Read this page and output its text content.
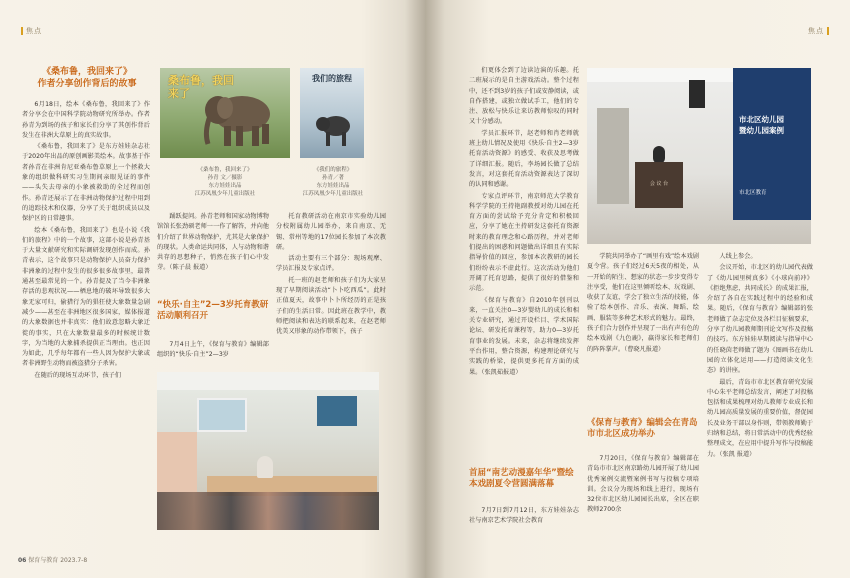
焦点
《桑布鲁，我回来了》
作者分享创作背后的故事

6月18日，绘本《桑布鲁，我回来了》作者分享会在中国科学院动物研究所举办。作者孙青为到场的孩子和家长们分享了其创作背后发生在非洲大草原上的真实故事。

《桑布鲁，我回来了》是东方娃娃杂志社于2020年出品的原创画影美绘本。故事基于作者孙青在非洲肯尼亚桑布鲁草原上一个拯救大象的组织做科研实习生期间亲眼见证的事件——头失去母亲的小象被救助的全过程而创作。孙青还展示了在非洲动物保护过程中用到的追踪技术和仪器，分享了关于组织成员以及保护区的日常趣事。

绘本《桑布鲁，我回来了》也是小说《我们的旅程》中的一个故事，这部小说是孙青基于大量文献研究和实际调研发现创作而成。孙青表示，这个故事只是动物保护人员奋力保护非洲象的过程中发生的很多很多故事里，最普通甚至最常见的一个。孙青提及了当今非洲象存活的悲观状况——栖息地的破坏导致很多大象无家可归，偷猎行为的猖狂使大象数量急剧减少——甚至在非洲地区很多国家，媒体报道的大象数据也并非真实：他们故意忽略大象迁徙的事实，只在大象数量最多的时候统计数字，为当地的大象捕杀提供正当理由。也正因为如此，几乎每年都有一些人因为保护大象或者非洲野生动物而被盗猎分子杀害。

在随后的现场互动环节，孩子们

桑布鲁，我回来了
我们的旅程
《桑布鲁，我回来了》
孙青 文／摄影
东方娃娃出品
江苏凤凰少年儿童出版社
《我们的旅程》
孙青／著
东方娃娃出品
江苏凤凰少年儿童出版社

踊跃提问。孙青老师和国家动物博物馆馆长张劲硕老师一一作了解答，并向他们介绍了世界动物保护，尤其是大象保护的现状。人类命运共同体，人与动物和谐共存的思想种子，悄然在孩子们心中发芽。（陈子晨 报道）

“快乐·自主”2—3岁托育教研活动顺利召开

7月4日上午，《保育与教育》编辑部组织的“快乐·自主”2—3岁

托育教研活动在南京市实验幼儿园分校附属幼儿园举办，来自南京、无锡、常州等地的17位园长参加了本次教研。

活动主要有三个部分：现场观摩、学员汇报及专家点评。

托一班的赵老师和孩子们为大家呈现了早期阅读活动“卜卜吃西瓜”。此时正值夏天，故事中卜卜所经历的正是孩子们的生活日常。因此班在教学中，教师把阅读和表达的联系起来，在赵老师优美又形象的动作带领下，孩子

06 保育与教育 2023.7-8
焦点

们更体会到了边读边演的乐趣。托二班展示的是自主游戏活动。整个过程中，还不到3岁的孩子们或安静阅读，或自作搭建，或独立做试手工，他们的专注、放松与快乐让来访教师惊叹的同时又十分感动。

学员汇报环节，赵老师和肖老师就班上幼儿情况及使用《快乐·自主2—3岁托育活动资源》的感受、收获及思考做了详细汇报。随后，李场园长做了总结发言，对这套托育活动资源表达了深切的认同和感谢。

专家点评环节，南京师范大学教育科学学院的王持艳副教授对幼儿园在托育方面的尝试给予充分肯定和积极回应，分享了她在主持研发这套托育资源时来的教育理念和心路历程，并对老师们提出的困惑和问题做出详细且有实际指导价值的回应，参加本次教研的园长们纷纷表示不虚此行。这次活动为他们开阔了托育思路，提供了很好的借鉴和示范。

《保育与教育》自2010年创刊以来，一直关注0—3岁婴幼儿的成长和相关专业研究，通过开设栏目、学术国际论坛、研发托育课程等，助力0—3岁托育事业的发展。未来，杂志将继续发挥平台作用，整合资源，构建理论研究与实践的桥梁，提供更多托育方面的成果。（张凯茹报道）

首届“南艺动漫嘉年华”暨绘本戏剧夏令营圆满落幕

7月7日到7月12日，东方娃娃杂志社与南京艺术学院社会教育

市北区幼儿园
暨幼儿园案例
市北区教育
会 议 台

学院共同举办了“画里有戏”绘本戏剧夏令营。孩子们经过6天5夜的相处，从一开始的陌生、想家的状态一步步变得专注享受，他们在这里倾听绘本、玩戏剧、收获了友谊，学会了独立生活的技能，体验了绘本创作、音乐、表演、舞蹈、绘画、服装等多种艺术形式的魅力。最终，孩子们合力创作并呈现了一出有声有色的绘本戏剧《九色鹿》，赢得家长和老师们的阵阵掌声。（曹晓凡报道）

《保育与教育》编辑会在青岛市市北区成功举办

7月20日，《保育与教育》编辑部在青岛市市北区南京路幼儿园开展了幼儿园优秀案例交流暨案例书写与投稿专项培训。会议分为现场和线上进行，现场有32位市北区幼儿园园长出席，全区在职教师2700余

人线上参会。

会议开始，市北区的幼儿园代表做了《幼儿园里树真多》《小球向前冲》《拒绝焦虑，共同成长》的成果汇报，介绍了各自在实践过程中的经验和成果。随后，《保育与教育》编辑部的张老师做了杂志定位及各栏目征稿要求，分享了幼儿园教师期刊论文写作及投稿的技巧。东方娃娃早期阅读与指导中心的任晓茵老师做了题为《图画书在幼儿园的立体化运用——打造阅读文化生态》的讲座。

最后，青岛市市北区教育研究发展中心朱平老师总结发言，阐述了对投稿包括和成果梳理对幼儿教师专业成长和幼儿园高质量发展的重要价值，督促园长及业务干部以身作则，带领教师勤于归纳和总结，将日常活动中的优秀经验整理成文，在应用中提升写作与投稿能力。（张凯 报道）
